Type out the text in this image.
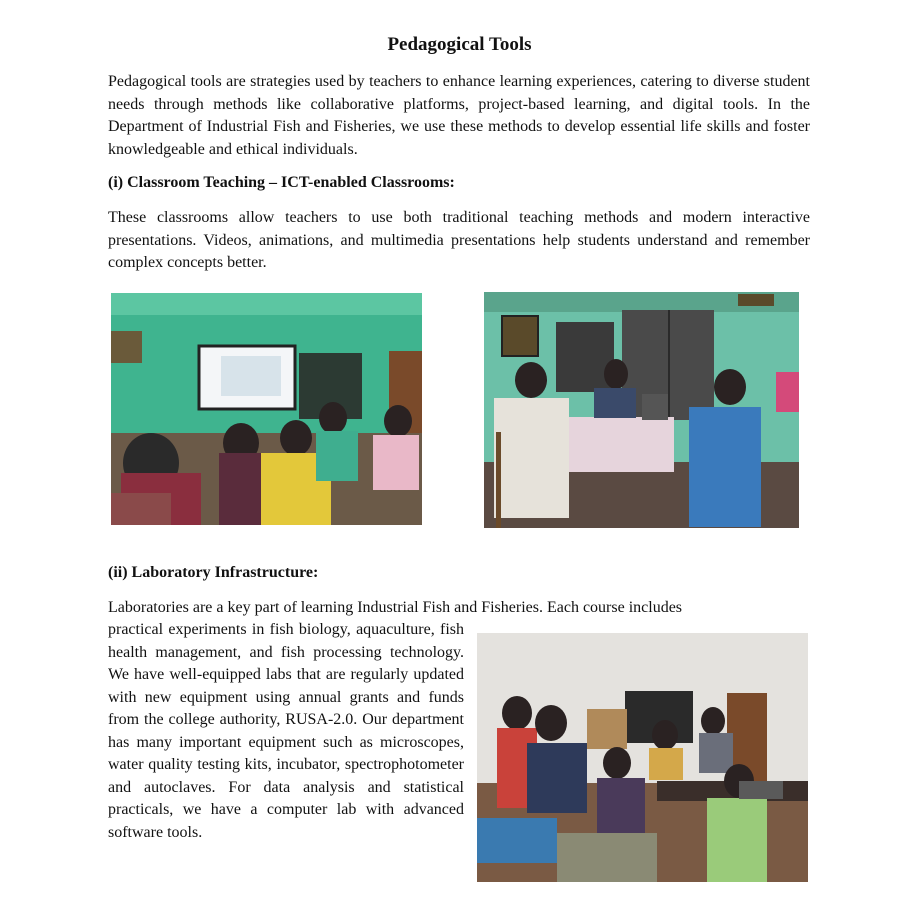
Pedagogical Tools

Pedagogical tools are strategies used by teachers to enhance learning experiences, catering to diverse student needs through methods like collaborative platforms, project-based learning, and digital tools. In the Department of Industrial Fish and Fisheries, we use these methods to develop essential life skills and foster knowledgeable and ethical individuals.

(i) Classroom Teaching – ICT-enabled Classrooms:

These classrooms allow teachers to use both traditional teaching methods and modern interactive presentations. Videos, animations, and multimedia presentations help students understand and remember complex concepts better.

(ii) Laboratory Infrastructure:

Laboratories are a key part of learning Industrial Fish and Fisheries. Each course includes

practical experiments in fish biology, aquaculture, fish health management, and fish processing technology. We have well-equipped labs that are regularly updated with new equipment using annual grants and funds from the college authority, RUSA-2.0. Our department has many important equipment such as microscopes, water quality testing kits, incubator, spectrophotometer and autoclaves. For data analysis and statistical practicals, we have a computer lab with advanced software tools.
